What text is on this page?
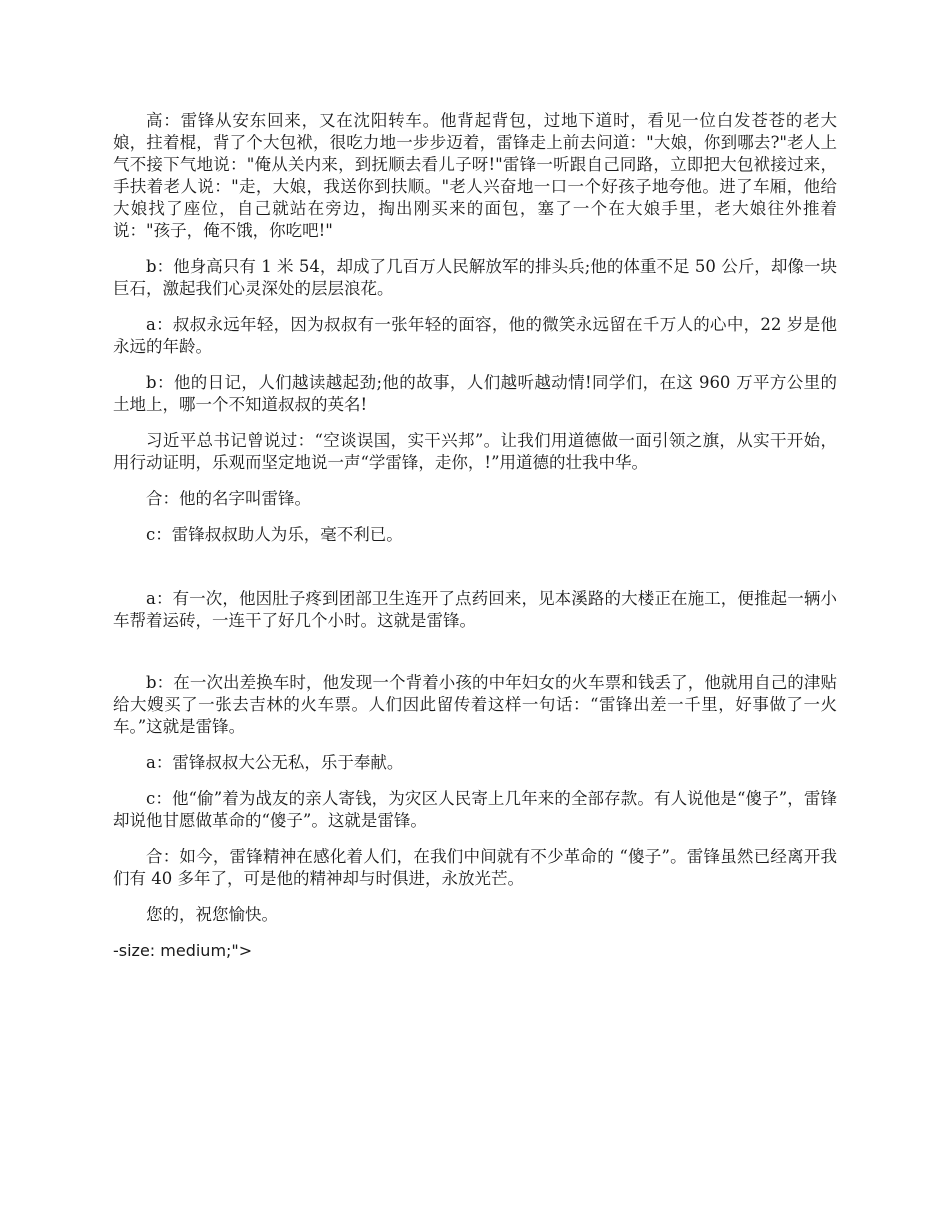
高：雷锋从安东回来，又在沈阳转车。他背起背包，过地下道时，看见一位白发苍苍的老大娘，拄着棍，背了个大包袱，很吃力地一步步迈着，雷锋走上前去问道："大娘，你到哪去?"老人上气不接下气地说："俺从关内来，到抚顺去看儿子呀!"雷锋一听跟自己同路，立即把大包袱接过来，手扶着老人说："走，大娘，我送你到扶顺。"老人兴奋地一口一个好孩子地夸他。进了车厢，他给大娘找了座位，自己就站在旁边，掏出刚买来的面包，塞了一个在大娘手里，老大娘往外推着说："孩子，俺不饿，你吃吧!"

b：他身高只有 1 米 54，却成了几百万人民解放军的排头兵;他的体重不足 50 公斤，却像一块巨石，激起我们心灵深处的层层浪花。

a：叔叔永远年轻，因为叔叔有一张年轻的面容，他的微笑永远留在千万人的心中，22 岁是他永远的年龄。

b：他的日记，人们越读越起劲;他的故事，人们越听越动情!同学们，在这 960 万平方公里的土地上，哪一个不知道叔叔的英名!

习近平总书记曾说过：“空谈误国，实干兴邦”。让我们用道德做一面引领之旗，从实干开始，用行动证明，乐观而坚定地说一声“学雷锋，走你，!”用道德的壮我中华。

合：他的名字叫雷锋。

c：雷锋叔叔助人为乐，毫不利已。

a：有一次，他因肚子疼到团部卫生连开了点药回来，见本溪路的大楼正在施工，便推起一辆小车帮着运砖，一连干了好几个小时。这就是雷锋。

b：在一次出差换车时，他发现一个背着小孩的中年妇女的火车票和钱丢了，他就用自己的津贴给大嫂买了一张去吉林的火车票。人们因此留传着这样一句话：“雷锋出差一千里，好事做了一火车。”这就是雷锋。

a：雷锋叔叔大公无私，乐于奉献。

c：他“偷”着为战友的亲人寄钱，为灾区人民寄上几年来的全部存款。有人说他是“傻子”，雷锋却说他甘愿做革命的“傻子”。这就是雷锋。

合：如今，雷锋精神在感化着人们，在我们中间就有不少革命的 “傻子”。雷锋虽然已经离开我们有 40 多年了，可是他的精神却与时俱进，永放光芒。

您的，祝您愉快。

-size: medium;">
